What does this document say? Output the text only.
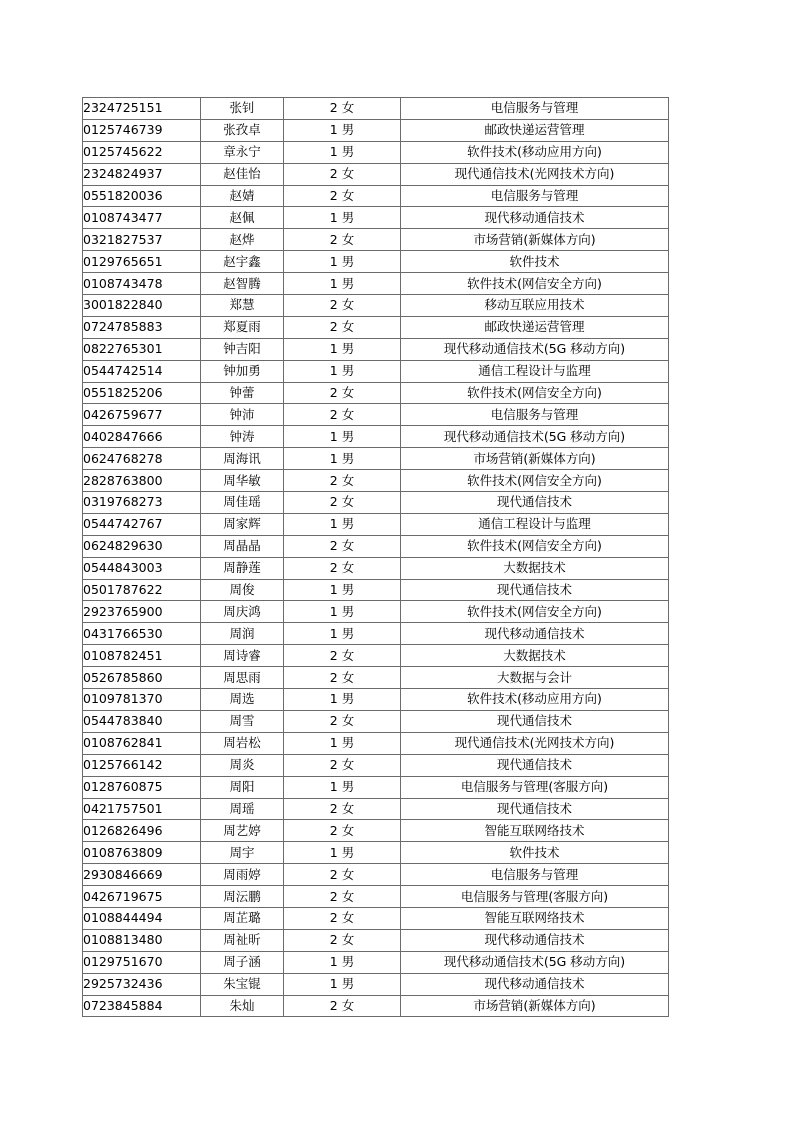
2324725151	张钊	2 女	电信服务与管理
0125746739	张孜卓	1 男	邮政快递运营管理
0125745622	章永宁	1 男	软件技术(移动应用方向)
2324824937	赵佳怡	2 女	现代通信技术(光网技术方向)
0551820036	赵婧	2 女	电信服务与管理
0108743477	赵佩	1 男	现代移动通信技术
0321827537	赵烨	2 女	市场营销(新媒体方向)
0129765651	赵宇鑫	1 男	软件技术
0108743478	赵智腾	1 男	软件技术(网信安全方向)
3001822840	郑慧	2 女	移动互联应用技术
0724785883	郑夏雨	2 女	邮政快递运营管理
0822765301	钟吉阳	1 男	现代移动通信技术(5G 移动方向)
0544742514	钟加勇	1 男	通信工程设计与监理
0551825206	钟蕾	2 女	软件技术(网信安全方向)
0426759677	钟沛	2 女	电信服务与管理
0402847666	钟涛	1 男	现代移动通信技术(5G 移动方向)
0624768278	周海讯	1 男	市场营销(新媒体方向)
2828763800	周华敏	2 女	软件技术(网信安全方向)
0319768273	周佳瑶	2 女	现代通信技术
0544742767	周家辉	1 男	通信工程设计与监理
0624829630	周晶晶	2 女	软件技术(网信安全方向)
0544843003	周静莲	2 女	大数据技术
0501787622	周俊	1 男	现代通信技术
2923765900	周庆鸿	1 男	软件技术(网信安全方向)
0431766530	周润	1 男	现代移动通信技术
0108782451	周诗睿	2 女	大数据技术
0526785860	周思雨	2 女	大数据与会计
0109781370	周选	1 男	软件技术(移动应用方向)
0544783840	周雪	2 女	现代通信技术
0108762841	周岩松	1 男	现代通信技术(光网技术方向)
0125766142	周炎	2 女	现代通信技术
0128760875	周阳	1 男	电信服务与管理(客服方向)
0421757501	周瑶	2 女	现代通信技术
0126826496	周艺婷	2 女	智能互联网络技术
0108763809	周宇	1 男	软件技术
2930846669	周雨婷	2 女	电信服务与管理
0426719675	周沄鹏	2 女	电信服务与管理(客服方向)
0108844494	周芷璐	2 女	智能互联网络技术
0108813480	周祉昕	2 女	现代移动通信技术
0129751670	周子涵	1 男	现代移动通信技术(5G 移动方向)
2925732436	朱宝锟	1 男	现代移动通信技术
0723845884	朱灿	2 女	市场营销(新媒体方向)
